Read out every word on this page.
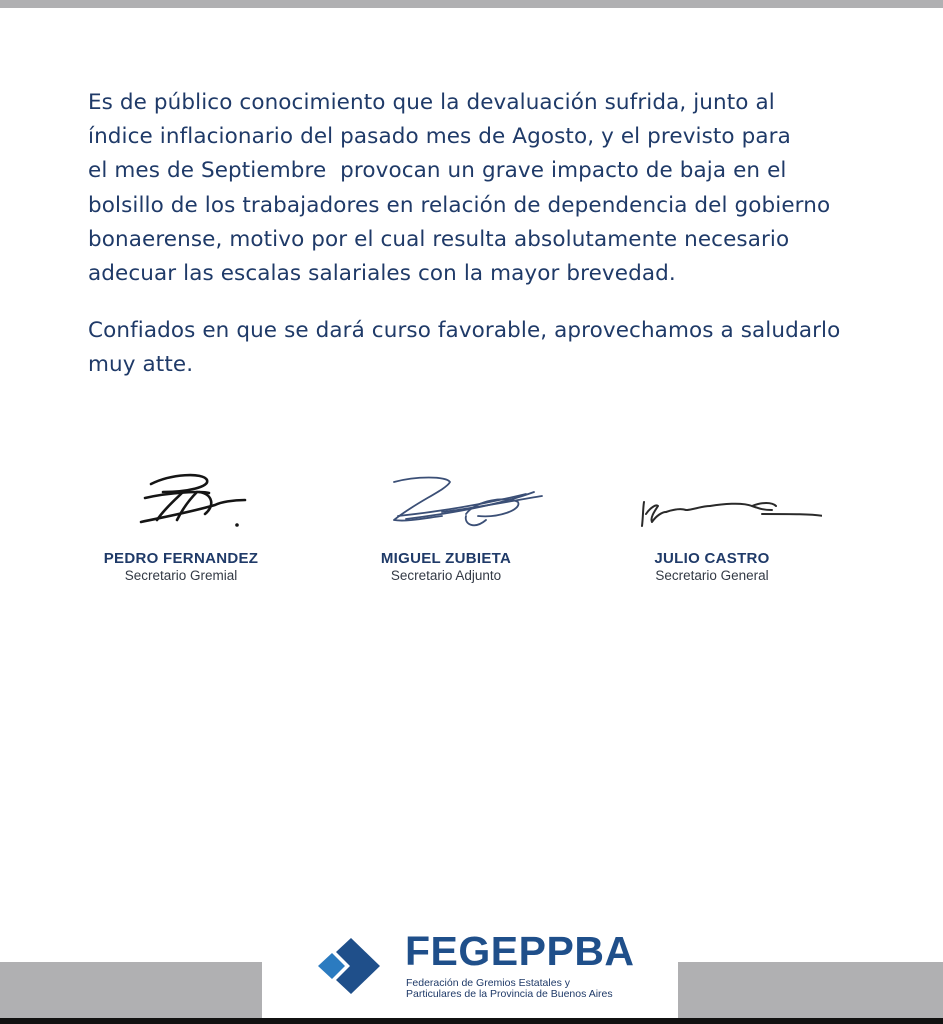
Es de público conocimiento que la devaluación sufrida, junto al
índice inflacionario del pasado mes de Agosto, y el previsto para
el mes de Septiembre  provocan un grave impacto de baja en el
bolsillo de los trabajadores en relación de dependencia del gobierno
bonaerense, motivo por el cual resulta absolutamente necesario
adecuar las escalas salariales con la mayor brevedad.

Confiados en que se dará curso favorable, aprovechamos a saludarlo
muy atte.

PEDRO FERNANDEZ
Secretario Gremial
MIGUEL ZUBIETA
Secretario Adjunto
JULIO CASTRO
Secretario General
FEGEPPBA
Federación de Gremios Estatales y
Particulares de la Provincia de Buenos Aires
